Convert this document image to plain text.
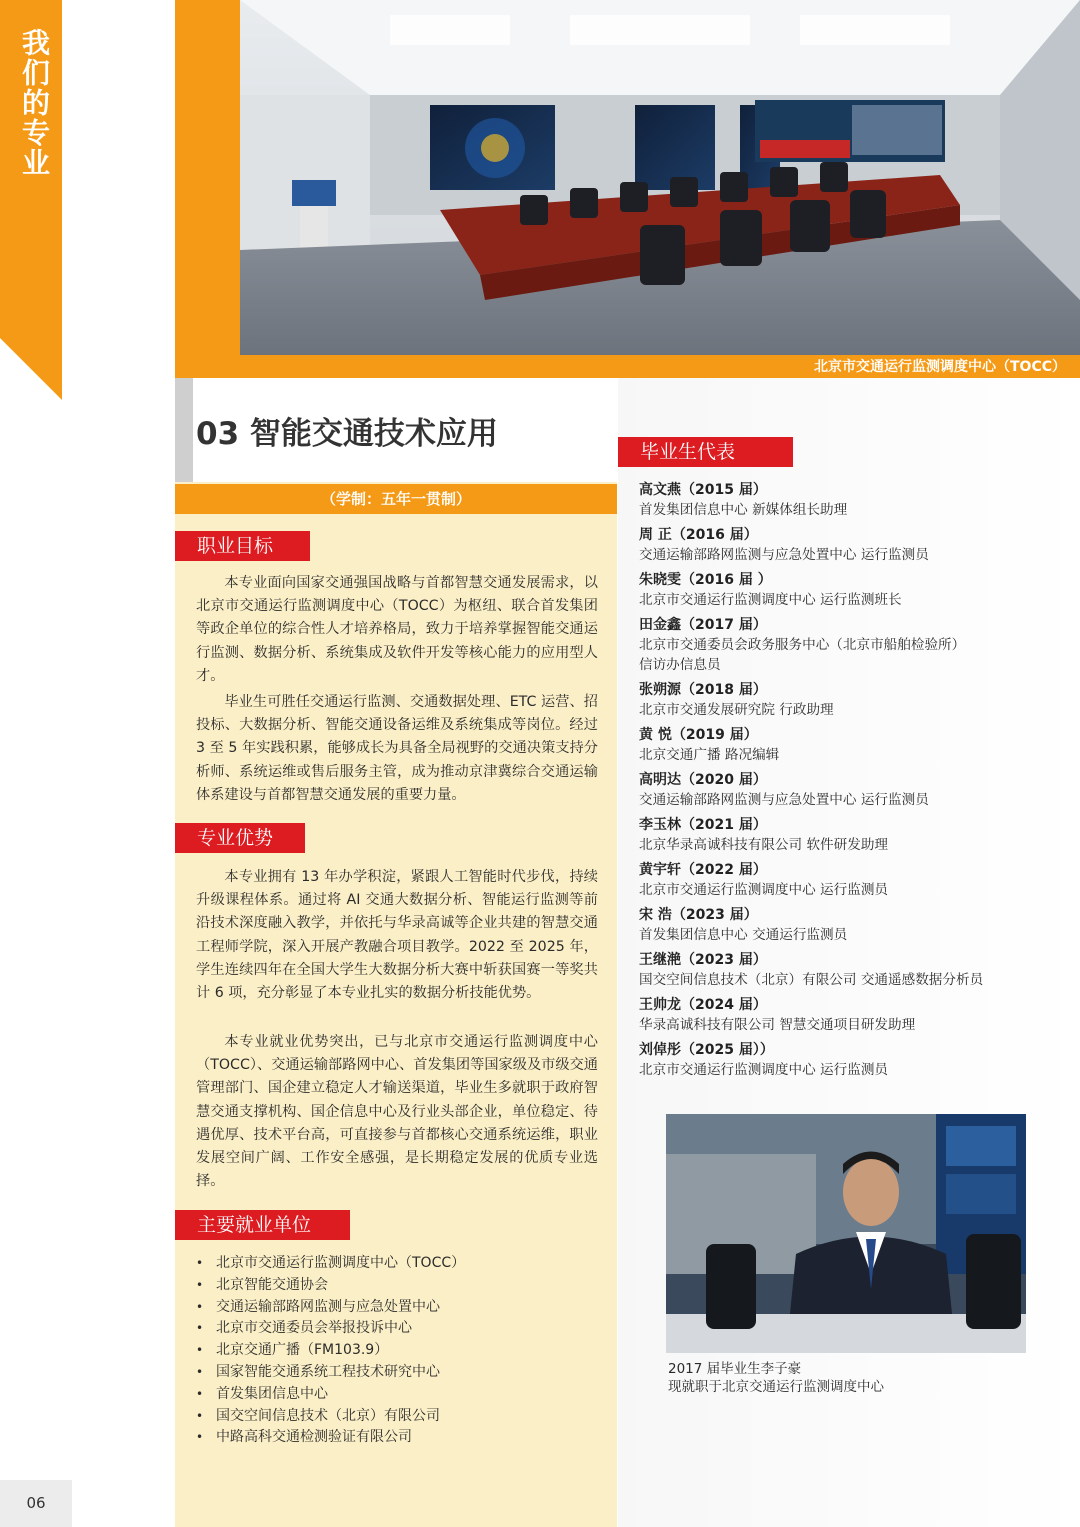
我们的专业
06
北京市交通运行监测调度中心（TOCC）
03 智能交通技术应用
（学制：五年一贯制）
职业目标

本专业面向国家交通强国战略与首都智慧交通发展需求，以北京市交通运行监测调度中心（TOCC）为枢纽、联合首发集团等政企单位的综合性人才培养格局，致力于培养掌握智能交通运行监测、数据分析、系统集成及软件开发等核心能力的应用型人才。

毕业生可胜任交通运行监测、交通数据处理、ETC 运营、招投标、大数据分析、智能交通设备运维及系统集成等岗位。经过 3 至 5 年实践积累，能够成长为具备全局视野的交通决策支持分析师、系统运维或售后服务主管，成为推动京津冀综合交通运输体系建设与首都智慧交通发展的重要力量。

专业优势

本专业拥有 13 年办学积淀，紧跟人工智能时代步伐，持续升级课程体系。通过将 AI 交通大数据分析、智能运行监测等前沿技术深度融入教学，并依托与华录高诚等企业共建的智慧交通工程师学院，深入开展产教融合项目教学。2022 至 2025 年，学生连续四年在全国大学生大数据分析大赛中斩获国赛一等奖共计 6 项，充分彰显了本专业扎实的数据分析技能优势。

本专业就业优势突出，已与北京市交通运行监测调度中心（TOCC）、交通运输部路网中心、首发集团等国家级及市级交通管理部门、国企建立稳定人才输送渠道，毕业生多就职于政府智慧交通支撑机构、国企信息中心及行业头部企业，单位稳定、待遇优厚、技术平台高，可直接参与首都核心交通系统运维，职业发展空间广阔、工作安全感强，是长期稳定发展的优质专业选择。

主要就业单位
• 北京市交通运行监测调度中心（TOCC）
• 北京智能交通协会
• 交通运输部路网监测与应急处置中心
• 北京市交通委员会举报投诉中心
• 北京交通广播（FM103.9）
• 国家智能交通系统工程技术研究中心
• 首发集团信息中心
• 国交空间信息技术（北京）有限公司
• 中路高科交通检测验证有限公司
毕业生代表
高文燕（2015 届）
首发集团信息中心 新媒体组长助理
周 正（2016 届）
交通运输部路网监测与应急处置中心 运行监测员
朱晓雯（2016 届 ）
北京市交通运行监测调度中心 运行监测班长
田金鑫（2017 届）
北京市交通委员会政务服务中心（北京市船舶检验所）
信访办信息员
张朔源（2018 届）
北京市交通发展研究院 行政助理
黄 悦（2019 届）
北京交通广播 路况编辑
高明达（2020 届）
交通运输部路网监测与应急处置中心 运行监测员
李玉林（2021 届）
北京华录高诚科技有限公司 软件研发助理
黄宇轩（2022 届）
北京市交通运行监测调度中心 运行监测员
宋 浩（2023 届）
首发集团信息中心 交通运行监测员
王继滟（2023 届）
国交空间信息技术（北京）有限公司 交通遥感数据分析员
王帅龙（2024 届）
华录高诚科技有限公司 智慧交通项目研发助理
刘倬彤（2025 届））
北京市交通运行监测调度中心 运行监测员
2017 届毕业生李子豪
现就职于北京交通运行监测调度中心
